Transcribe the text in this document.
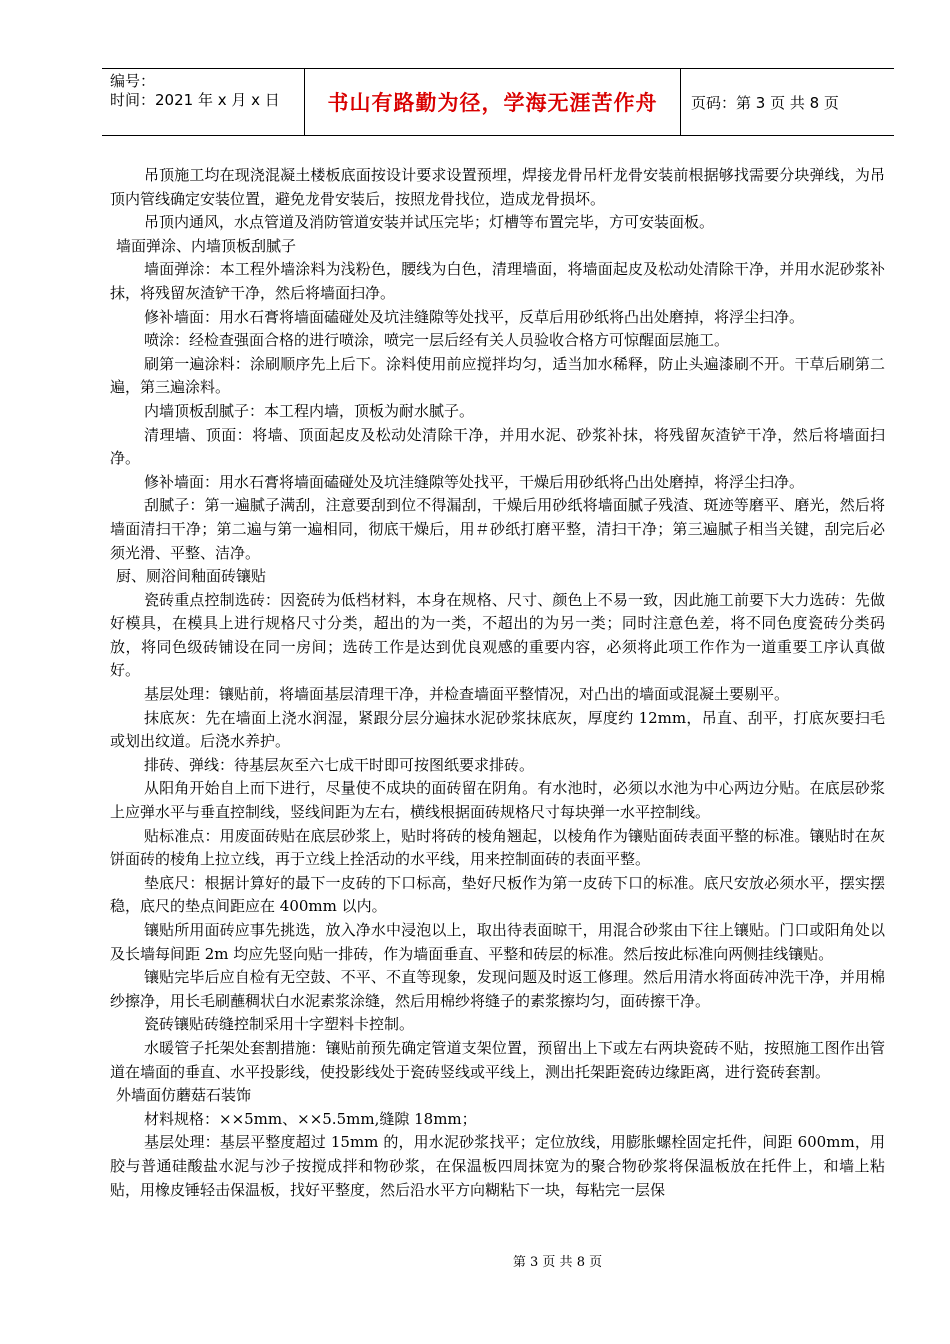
编号：
时间：2021 年 x 月 x 日 书山有路勤为径，学海无涯苦作舟 页码：第 3 页 共 8 页

吊顶施工均在现浇混凝土楼板底面按设计要求设置预埋，焊接龙骨吊杆龙骨安装前根据够找需要分块弹线，为吊顶内管线确定安装位置，避免龙骨安装后，按照龙骨找位，造成龙骨损坏。

吊顶内通风，水点管道及消防管道安装并试压完毕；灯槽等布置完毕，方可安装面板。

墙面弹涂、内墙顶板刮腻子

墙面弹涂：本工程外墙涂料为浅粉色，腰线为白色，清理墙面，将墙面起皮及松动处清除干净，并用水泥砂浆补抹，将残留灰渣铲干净，然后将墙面扫净。

修补墙面：用水石膏将墙面磕碰处及坑洼缝隙等处找平，反草后用砂纸将凸出处磨掉，将浮尘扫净。

喷涂：经检查强面合格的进行喷涂，喷完一层后经有关人员验收合格方可惊醒面层施工。

刷第一遍涂料：涂刷顺序先上后下。涂料使用前应搅拌均匀，适当加水稀释，防止头遍漆刷不开。干草后刷第二遍，第三遍涂料。

内墙顶板刮腻子：本工程内墙，顶板为耐水腻子。

清理墙、顶面：将墙、顶面起皮及松动处清除干净，并用水泥、砂浆补抹，将残留灰渣铲干净，然后将墙面扫净。

修补墙面：用水石膏将墙面磕碰处及坑洼缝隙等处找平，干燥后用砂纸将凸出处磨掉，将浮尘扫净。

刮腻子：第一遍腻子满刮，注意要刮到位不得漏刮，干燥后用砂纸将墙面腻子残渣、斑迹等磨平、磨光，然后将墙面清扫干净；第二遍与第一遍相同，彻底干燥后，用＃砂纸打磨平整，清扫干净；第三遍腻子相当关键，刮完后必须光滑、平整、洁净。

厨、厕浴间釉面砖镶贴

瓷砖重点控制选砖：因瓷砖为低档材料，本身在规格、尺寸、颜色上不易一致，因此施工前要下大力选砖：先做好模具，在模具上进行规格尺寸分类，超出的为一类，不超出的为另一类；同时注意色差，将不同色度瓷砖分类码放，将同色级砖铺设在同一房间；选砖工作是达到优良观感的重要内容，必须将此项工作作为一道重要工序认真做好。

基层处理：镶贴前，将墙面基层清理干净，并检查墙面平整情况，对凸出的墙面或混凝土要剔平。

抹底灰：先在墙面上浇水润湿，紧跟分层分遍抹水泥砂浆抹底灰，厚度约 12mm，吊直、刮平，打底灰要扫毛或划出纹道。后浇水养护。

排砖、弹线：待基层灰至六七成干时即可按图纸要求排砖。

从阳角开始自上而下进行，尽量使不成块的面砖留在阴角。有水池时，必须以水池为中心两边分贴。在底层砂浆上应弹水平与垂直控制线，竖线间距为左右，横线根据面砖规格尺寸每块弹一水平控制线。

贴标准点：用废面砖贴在底层砂浆上，贴时将砖的棱角翘起，以棱角作为镶贴面砖表面平整的标准。镶贴时在灰饼面砖的棱角上拉立线，再于立线上拴活动的水平线，用来控制面砖的表面平整。

垫底尺：根据计算好的最下一皮砖的下口标高，垫好尺板作为第一皮砖下口的标准。底尺安放必须水平，摆实摆稳，底尺的垫点间距应在 400mm 以内。

镶贴所用面砖应事先挑选，放入净水中浸泡以上，取出待表面晾干，用混合砂浆由下往上镶贴。门口或阳角处以及长墙每间距 2m 均应先竖向贴一排砖，作为墙面垂直、平整和砖层的标准。然后按此标准向两侧挂线镶贴。

镶贴完毕后应自检有无空鼓、不平、不直等现象，发现问题及时返工修理。然后用清水将面砖冲洗干净，并用棉纱擦净，用长毛刷蘸稠状白水泥素浆涂缝，然后用棉纱将缝子的素浆擦均匀，面砖擦干净。

瓷砖镶贴砖缝控制采用十字塑料卡控制。

水暖管子托架处套割措施：镶贴前预先确定管道支架位置，预留出上下或左右两块瓷砖不贴，按照施工图作出管道在墙面的垂直、水平投影线，使投影线处于瓷砖竖线或平线上，测出托架距瓷砖边缘距离，进行瓷砖套割。

外墙面仿蘑菇石装饰

材料规格：××5mm、××5.5mm,缝隙 18mm；

基层处理：基层平整度超过 15mm 的，用水泥砂浆找平；定位放线，用膨胀螺栓固定托件，间距 600mm，用胶与普通硅酸盐水泥与沙子按搅成拌和物砂浆，在保温板四周抹宽为的聚合物砂浆将保温板放在托件上，和墙上粘贴，用橡皮锤轻击保温板，找好平整度，然后沿水平方向糊粘下一块，每粘完一层保

第 3 页 共 8 页
